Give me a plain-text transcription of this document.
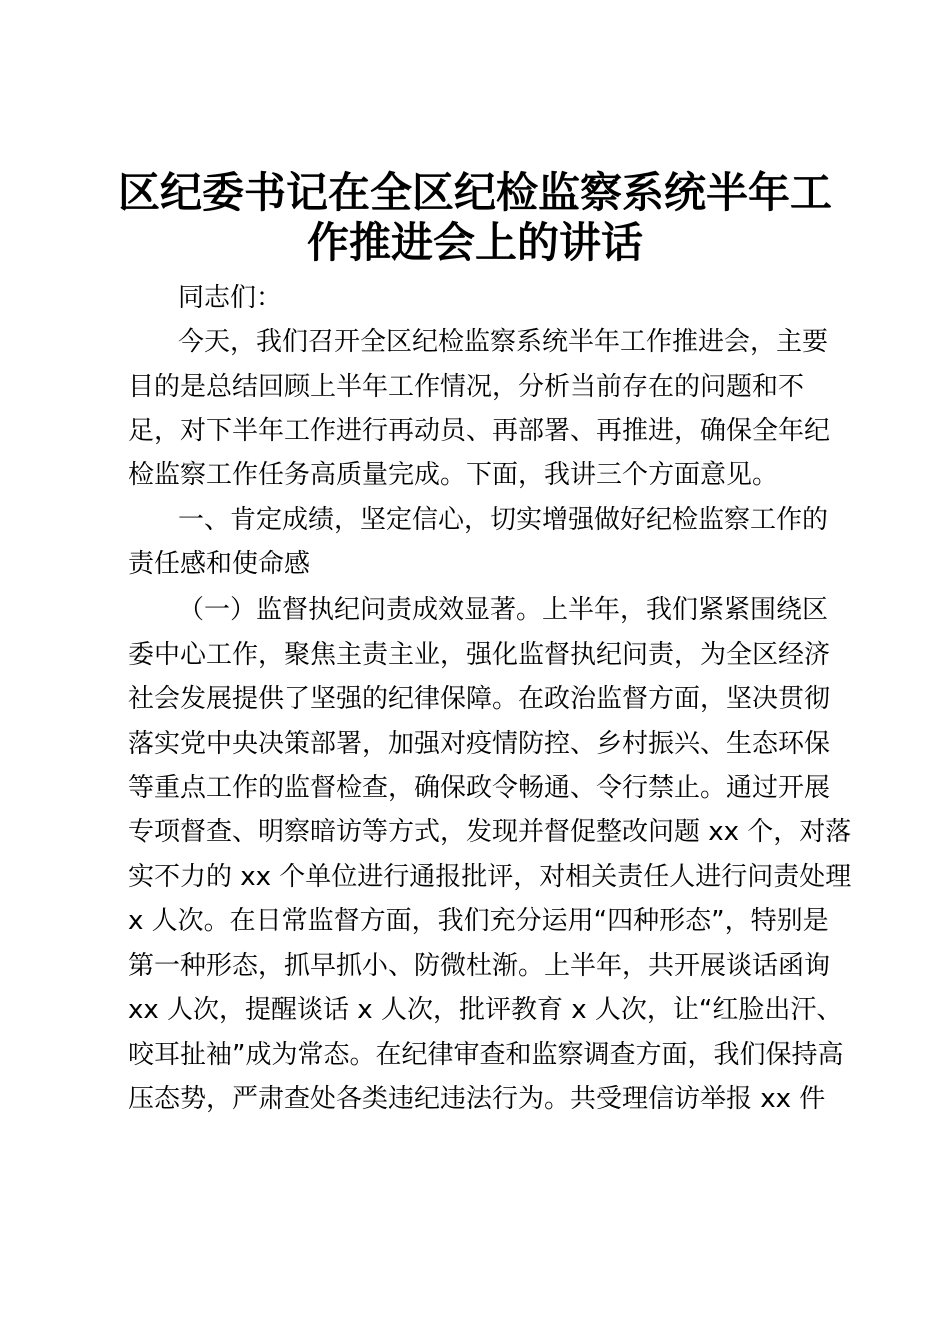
区纪委书记在全区纪检监察系统半年工
作推进会上的讲话
同志们：
今天，我们召开全区纪检监察系统半年工作推进会，主要
目的是总结回顾上半年工作情况，分析当前存在的问题和不
足，对下半年工作进行再动员、再部署、再推进，确保全年纪
检监察工作任务高质量完成。下面，我讲三个方面意见。
一、肯定成绩，坚定信心，切实增强做好纪检监察工作的
责任感和使命感
（一）监督执纪问责成效显著。上半年，我们紧紧围绕区
委中心工作，聚焦主责主业，强化监督执纪问责，为全区经济
社会发展提供了坚强的纪律保障。在政治监督方面，坚决贯彻
落实党中央决策部署，加强对疫情防控、乡村振兴、生态环保
等重点工作的监督检查，确保政令畅通、令行禁止。通过开展
专项督查、明察暗访等方式，发现并督促整改问题 xx 个，对落
实不力的 xx 个单位进行通报批评，对相关责任人进行问责处理
x 人次。在日常监督方面，我们充分运用“四种形态”，特别是
第一种形态，抓早抓小、防微杜渐。上半年，共开展谈话函询
xx 人次，提醒谈话 x 人次，批评教育 x 人次，让“红脸出汗、
咬耳扯袖”成为常态。在纪律审查和监察调查方面，我们保持高
压态势，严肃查处各类违纪违法行为。共受理信访举报 xx 件
